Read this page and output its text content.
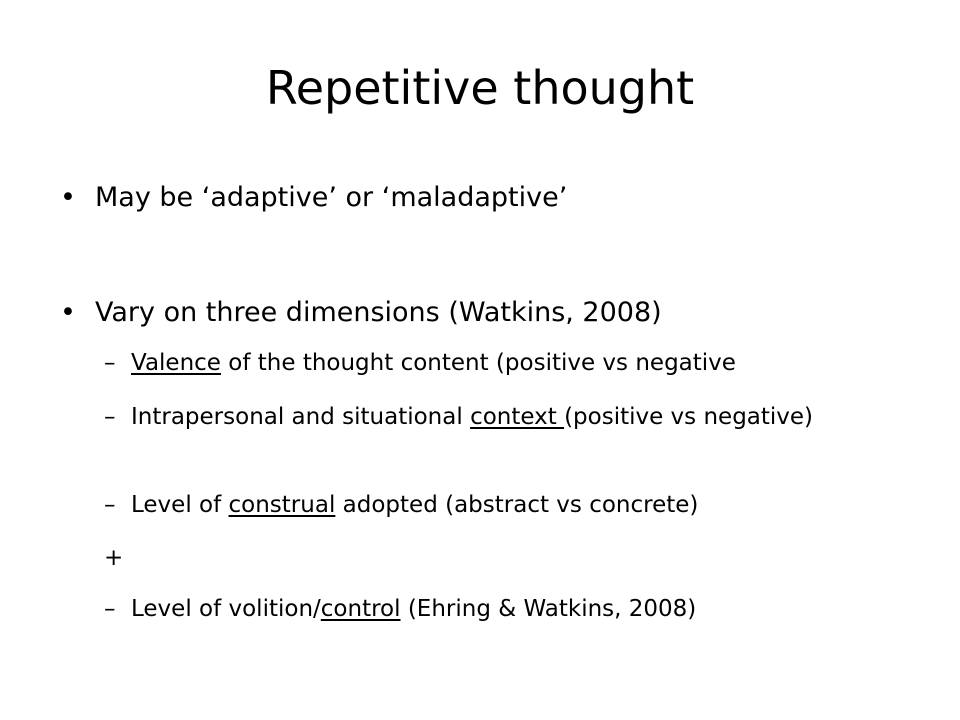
Repetitive thought
• May be ‘adaptive’ or ‘maladaptive’
• Vary on three dimensions (Watkins, 2008)
– Valence of the thought content (positive vs negative
– Intrapersonal and situational context (positive vs negative)
– Level of construal adopted (abstract vs concrete)
+
– Level of volition/control (Ehring & Watkins, 2008)
